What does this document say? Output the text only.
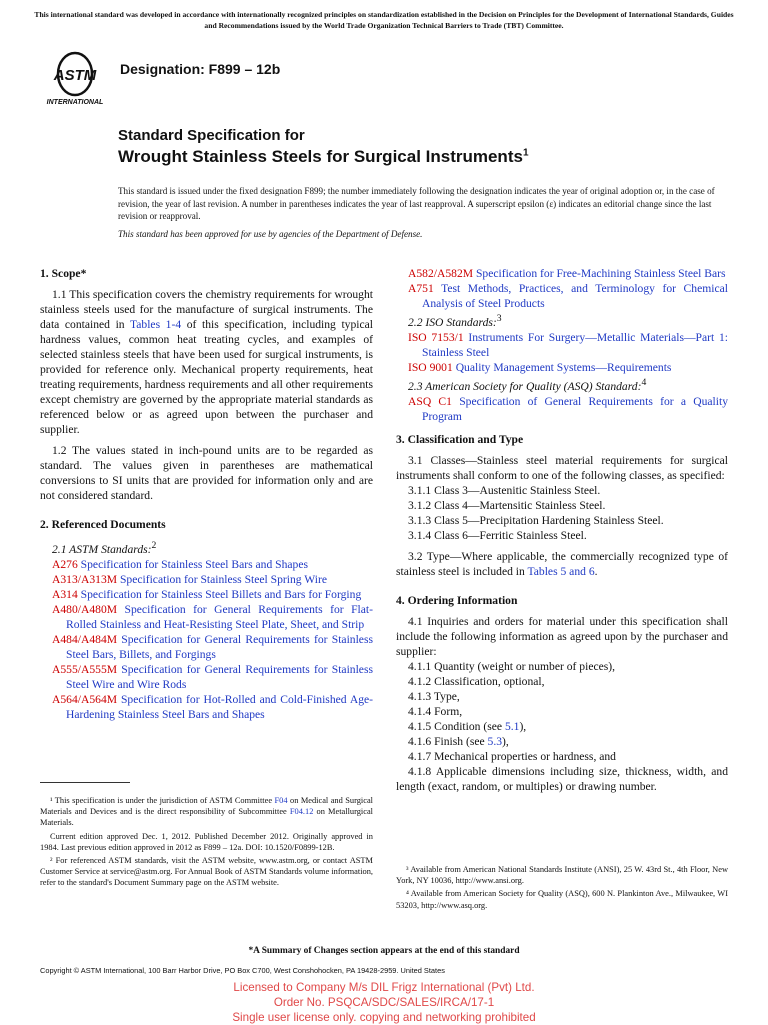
This international standard was developed in accordance with internationally recognized principles on standardization established in the Decision on Principles for the Development of International Standards, Guides and Recommendations issued by the World Trade Organization Technical Barriers to Trade (TBT) Committee.
ASTM
INTERNATIONAL
Designation: F899 – 12b
Standard Specification for
Wrought Stainless Steels for Surgical Instruments$^1$
This standard is issued under the fixed designation F899; the number immediately following the designation indicates the year of original adoption or, in the case of revision, the year of last revision. A number in parentheses indicates the year of last reapproval. A superscript epsilon (ε) indicates an editorial change since the last revision or reapproval.
This standard has been approved for use by agencies of the Department of Defense.
1. Scope*

1.1 This specification covers the chemistry requirements for wrought stainless steels used for the manufacture of surgical instruments. The data contained in Tables 1-4 of this specification, including typical hardness values, common heat treating cycles, and examples of selected stainless steels that have been used for surgical instruments, is provided for reference only. Mechanical property requirements, heat treating requirements, hardness requirements and all other requirements except chemistry are governed by the appropriate material standards as referenced below or as agreed upon between the purchaser and supplier.

1.2 The values stated in inch-pound units are to be regarded as standard. The values given in parentheses are mathematical conversions to SI units that are provided for information only and are not considered standard.

2. Referenced Documents

2.1 ASTM Standards:$^2$

A276 Specification for Stainless Steel Bars and Shapes

A313/A313M Specification for Stainless Steel Spring Wire

A314 Specification for Stainless Steel Billets and Bars for Forging

A480/A480M Specification for General Requirements for Flat-Rolled Stainless and Heat-Resisting Steel Plate, Sheet, and Strip

A484/A484M Specification for General Requirements for Stainless Steel Bars, Billets, and Forgings

A555/A555M Specification for General Requirements for Stainless Steel Wire and Wire Rods

A564/A564M Specification for Hot-Rolled and Cold-Finished Age-Hardening Stainless Steel Bars and Shapes

A582/A582M Specification for Free-Machining Stainless Steel Bars

A751 Test Methods, Practices, and Terminology for Chemical Analysis of Steel Products

2.2 ISO Standards:$^3$

ISO 7153/1 Instruments For Surgery—Metallic Materials—Part 1: Stainless Steel

ISO 9001 Quality Management Systems—Requirements

2.3 American Society for Quality (ASQ) Standard:$^4$

ASQ C1 Specification of General Requirements for a Quality Program

3. Classification and Type

3.1 Classes—Stainless steel material requirements for surgical instruments shall conform to one of the following classes, as specified:

3.1.1 Class 3—Austenitic Stainless Steel.

3.1.2 Class 4—Martensitic Stainless Steel.

3.1.3 Class 5—Precipitation Hardening Stainless Steel.

3.1.4 Class 6—Ferritic Stainless Steel.

3.2 Type—Where applicable, the commercially recognized type of stainless steel is included in Tables 5 and 6.

4. Ordering Information

4.1 Inquiries and orders for material under this specification shall include the following information as agreed upon by the purchaser and supplier:

4.1.1 Quantity (weight or number of pieces),

4.1.2 Classification, optional,

4.1.3 Type,

4.1.4 Form,

4.1.5 Condition (see 5.1),

4.1.6 Finish (see 5.3),

4.1.7 Mechanical properties or hardness, and

4.1.8 Applicable dimensions including size, thickness, width, and length (exact, random, or multiples) or drawing number.

¹ This specification is under the jurisdiction of ASTM Committee F04 on Medical and Surgical Materials and Devices and is the direct responsibility of Subcommittee F04.12 on Metallurgical Materials.

Current edition approved Dec. 1, 2012. Published December 2012. Originally approved in 1984. Last previous edition approved in 2012 as F899 – 12a. DOI: 10.1520/F0899-12B.

² For referenced ASTM standards, visit the ASTM website, www.astm.org, or contact ASTM Customer Service at service@astm.org. For Annual Book of ASTM Standards volume information, refer to the standard's Document Summary page on the ASTM website.

³ Available from American National Standards Institute (ANSI), 25 W. 43rd St., 4th Floor, New York, NY 10036, http://www.ansi.org.

⁴ Available from American Society for Quality (ASQ), 600 N. Plankinton Ave., Milwaukee, WI 53203, http://www.asq.org.

*A Summary of Changes section appears at the end of this standard
Copyright © ASTM International, 100 Barr Harbor Drive, PO Box C700, West Conshohocken, PA 19428-2959. United States
Licensed to Company M/s DIL Frigz International (Pvt) Ltd.
Order No. PSQCA/SDC/SALES/IRCA/17-1
Single user license only. copying and networking prohibited
